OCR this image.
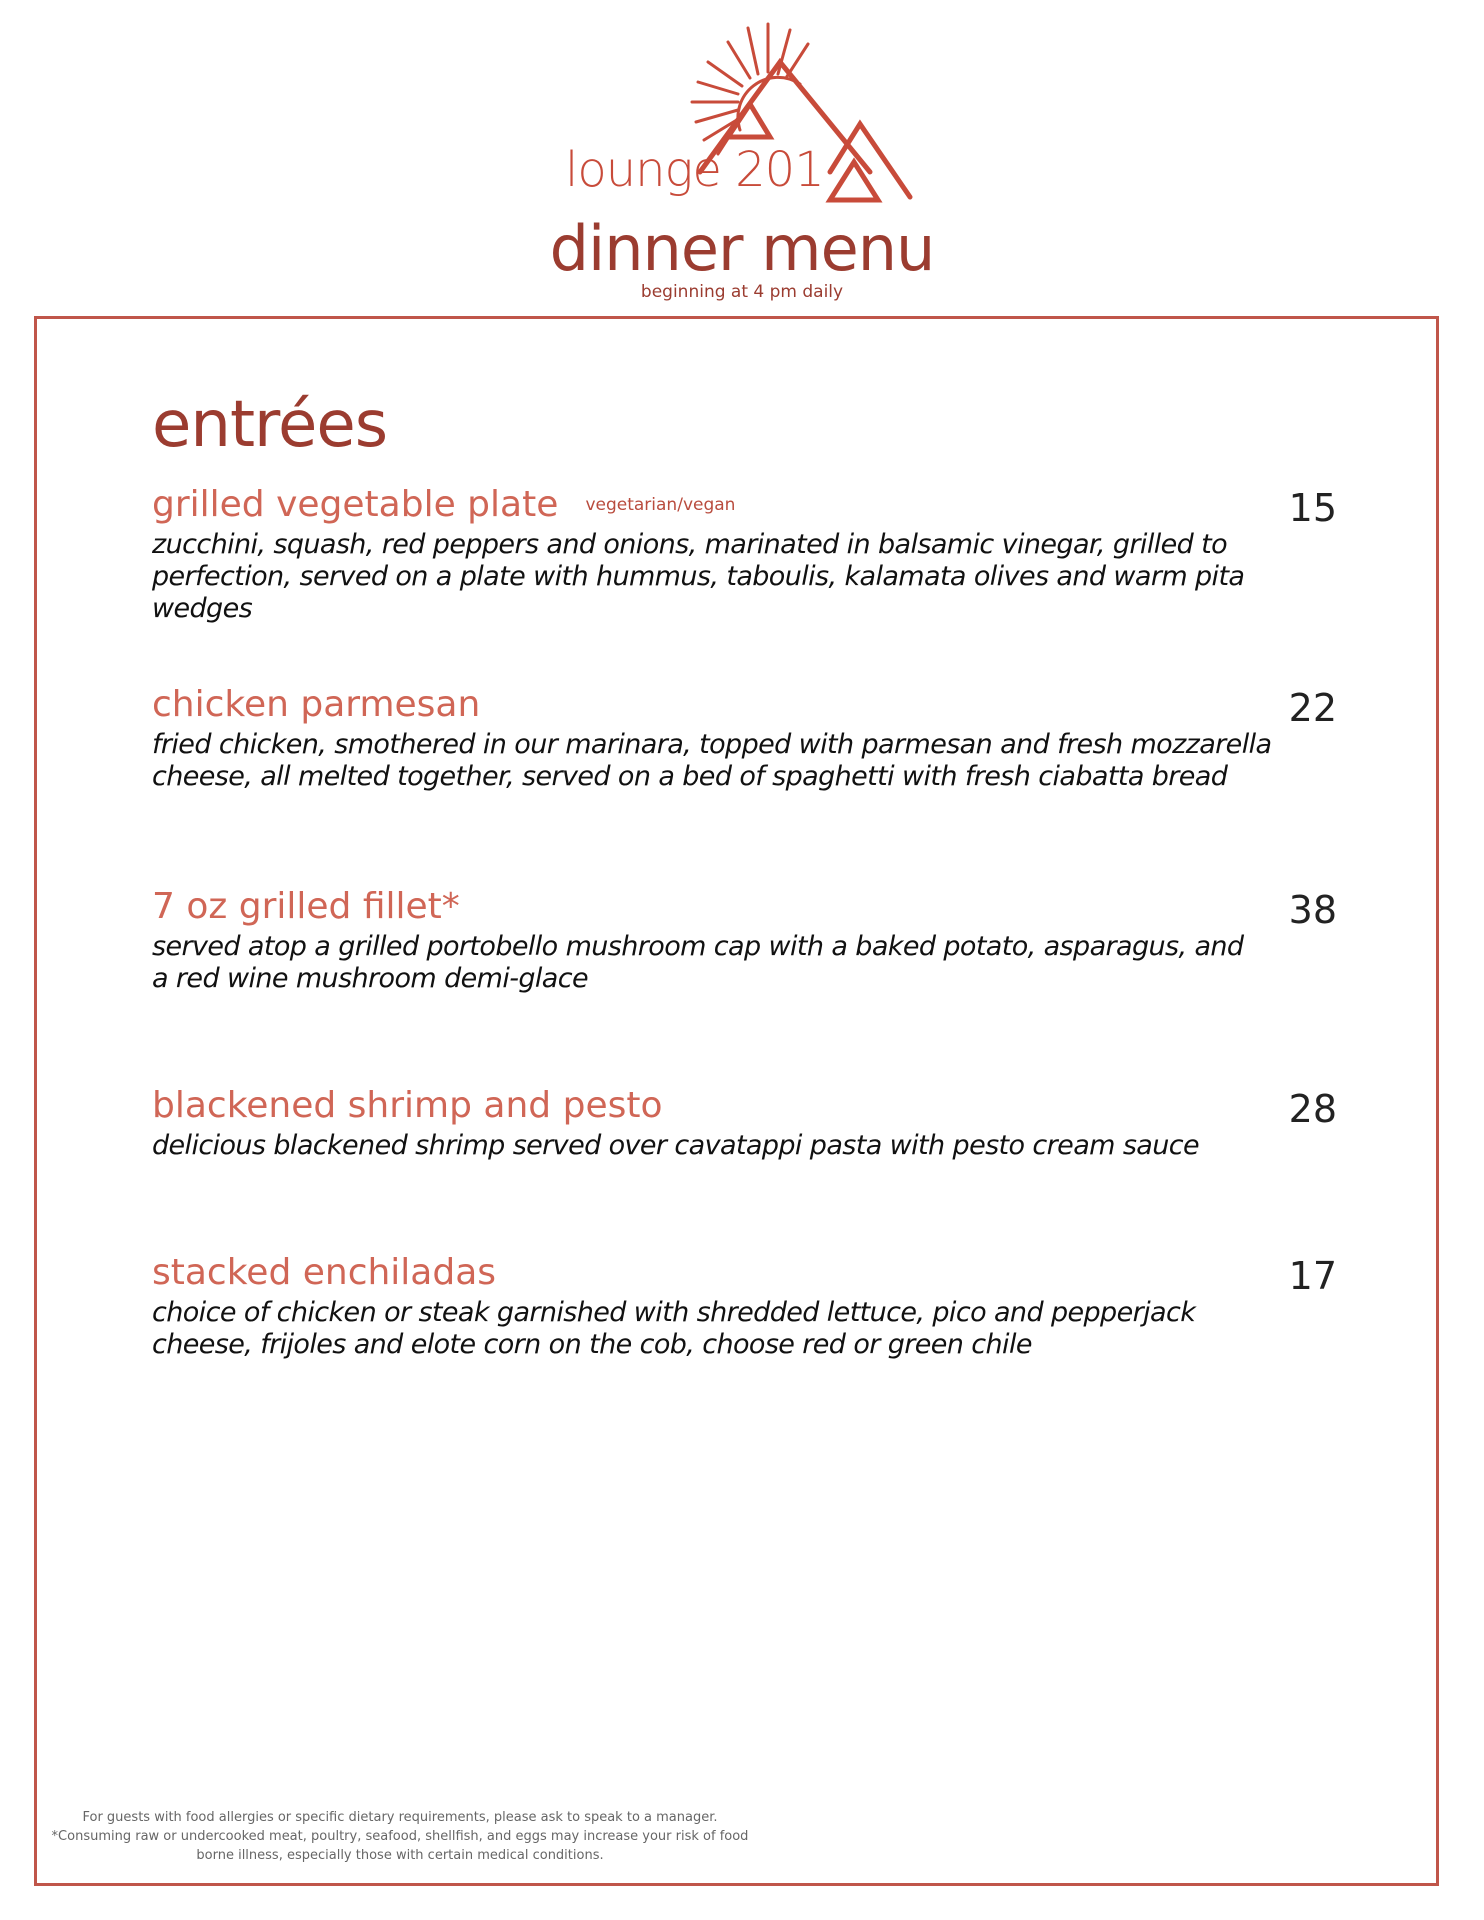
lounge 201
dinner menu
beginning at 4 pm daily
entrées
grilled vegetable plate vegetarian/vegan	15
zucchini, squash, red peppers and onions, marinated in balsamic vinegar, grilled to
perfection, served on a plate with hummus, taboulis, kalamata olives and warm pita wedges
chicken parmesan	22
fried chicken, smothered in our marinara, topped with parmesan and fresh mozzarella
cheese, all melted together, served on a bed of spaghetti with fresh ciabatta bread
7 oz grilled fillet*	38
served atop a grilled portobello mushroom cap with a baked potato, asparagus, and
a red wine mushroom demi-glace
blackened shrimp and pesto	28
delicious blackened shrimp served over cavatappi pasta with pesto cream sauce
stacked enchiladas	17
choice of chicken or steak garnished with shredded lettuce, pico and pepperjack
cheese, frijoles and elote corn on the cob, choose red or green chile
For guests with food allergies or specific dietary requirements, please ask to speak to a manager.
*Consuming raw or undercooked meat, poultry, seafood, shellfish, and eggs may increase your risk of food
borne illness, especially those with certain medical conditions.
